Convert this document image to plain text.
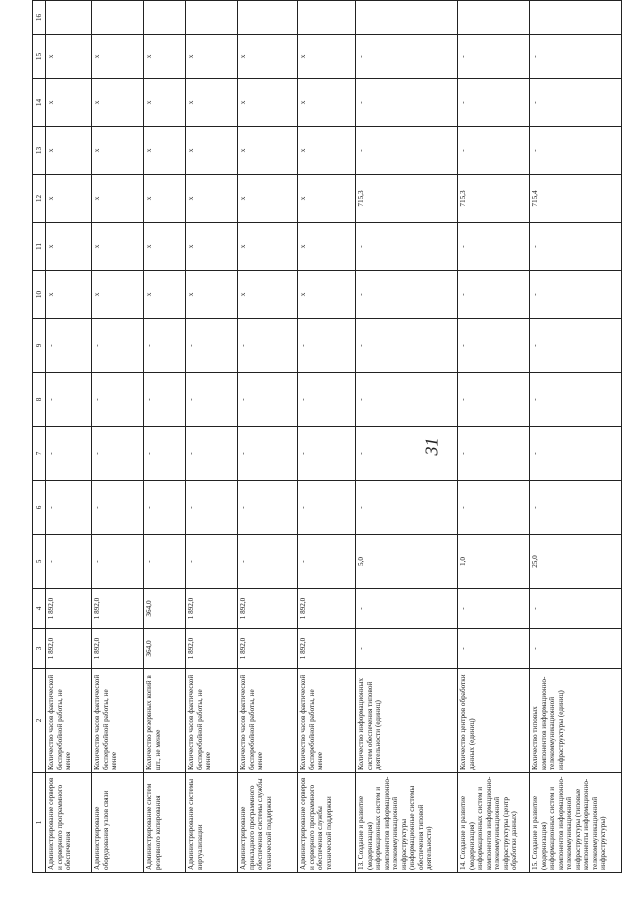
31
1	2	3	4	5	6	7	8	9	10	11	12	13	14	15	16
Администрирование серверов и серверного программного обеспечения	Количество часов фактической бесперебойной работы, не менее	1 892,0	1 892,0	-	-	-	-	-	х	х	х	х	х	х	
Администрирование оборудования узлов связи	Количество часов фактической бесперебойной работы, не менее	1 892,0	1 892,0	-	-	-	-	-	х	х	х	х	х	х	
Администрирование систем резервного копирования	Количество резервных копий в шт., не менее	364,0	364,0	-	-	-	-	-	х	х	х	х	х	х	
Администрирование системы виртуализации	Количество часов фактической бесперебойной работы, не менее	1 892,0	1 892,0	-	-	-	-	-	х	х	х	х	х	х	
Администрирование прикладного программного обеспечения системы службы технической поддержки	Количество часов фактической бесперебойной работы, не менее	1 892,0	1 892,0	-	-	-	-	-	х	х	х	х	х	х	
Администрирование серверов и серверного программного обеспечения службы технической поддержки	Количество часов фактической бесперебойной работы, не менее	1 892,0	1 892,0	-	-	-	-	-	х	х	х	х	х	х	
13. Создание и развитие (модернизация) информационных систем и компонентов информационно-телекоммуникационной инфраструктуры (информационные системы обеспечения типовой деятельности)	Количество информационных систем обеспечения типовой деятельности (единиц)	-	-	5,0	-	-	-	-	-	-	715,3	-	-	-	
14. Создание и развитие (модернизация) информационных систем и компонентов информационно-телекоммуникационной инфраструктуры (центр обработки данных)	Количество центров обработки данных (единиц)	-	-	1,0	-	-	-	-	-	-	715,3	-	-	-	
15. Создание и развитие (модернизация) информационных систем и компонентов информационно-телекоммуникационной инфраструктуры (типовые компоненты информационно-телекоммуникационной инфраструктуры)	Количество типовых компонентов информационно-телекоммуникационной инфраструктуры (единиц)	-	-	25,0	-	-	-	-	-	-	715,4	-	-	-	
